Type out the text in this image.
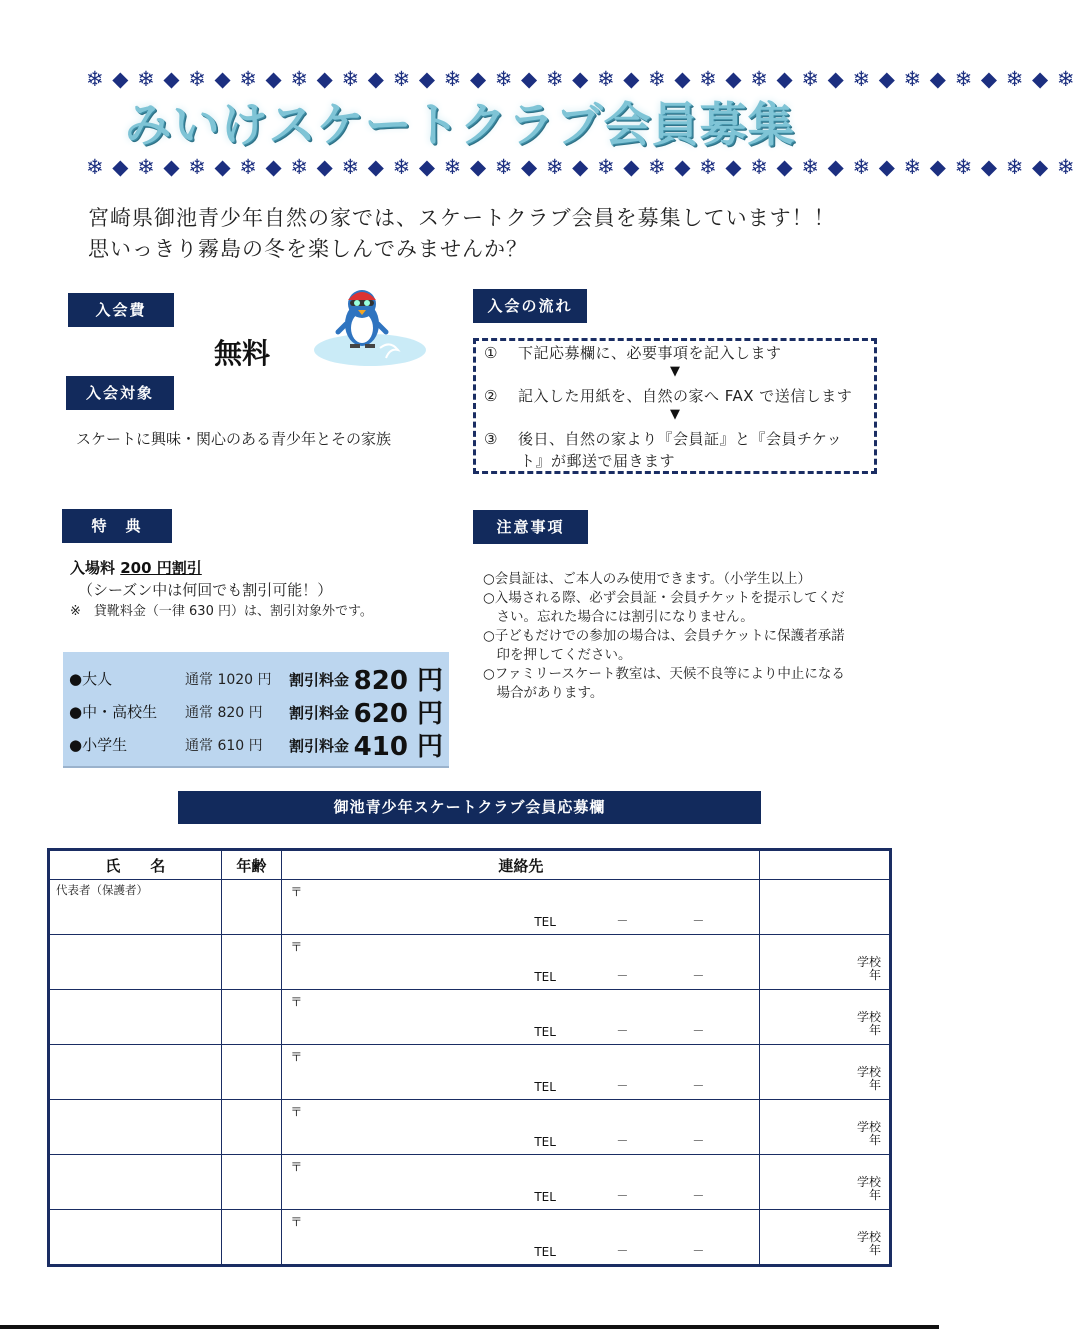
❄ ◆ ❄ ◆ ❄ ◆ ❄ ◆ ❄ ◆ ❄ ◆ ❄ ◆ ❄ ◆ ❄ ◆ ❄ ◆ ❄ ◆ ❄ ◆ ❄ ◆ ❄ ◆ ❄ ◆ ❄ ◆ ❄ ◆ ❄ ◆ ❄ ◆ ❄
みいけスケートクラブ会員募集
❄ ◆ ❄ ◆ ❄ ◆ ❄ ◆ ❄ ◆ ❄ ◆ ❄ ◆ ❄ ◆ ❄ ◆ ❄ ◆ ❄ ◆ ❄ ◆ ❄ ◆ ❄ ◆ ❄ ◆ ❄ ◆ ❄ ◆ ❄ ◆ ❄ ◆ ❄
宮崎県御池青少年自然の家では、スケートクラブ会員を募集しています！！
思いっきり霧島の冬を楽しんでみませんか？
入会費
無料
入会対象
スケートに興味・関心のある青少年とその家族
入会の流れ
① 下記応募欄に、必要事項を記入します
▼
② 記入した用紙を、自然の家へ FAX で送信します
▼
③ 後日、自然の家より『会員証』と『会員チケッ
ト』が郵送で届きます
特　典
入場料 200 円割引
（シーズン中は何回でも割引可能！）
※　貸靴料金（一律 630 円）は、割引対象外です。
●大人	通常 1020 円 割引料金 820 円
●中・高校生 通常 820 円 割引料金 620 円
●小学生	通常 610 円 割引料金 410 円
注意事項
○会員証は、ご本人のみ使用できます。（小学生以上）
○入場される際、必ず会員証・会員チケットを提示してくだ
　さい。忘れた場合には割引になりません。
○子どもだけでの参加の場合は、会員チケットに保護者承諾
　印を押してください。
○ファミリースケート教室は、天候不良等により中止になる
　場合があります。
御池青少年スケートクラブ会員応募欄
氏　　名	年齢	連絡先	

代表者（保護者）		〒
TEL － －	

		〒
TEL － －	学校
年

		〒
TEL － －	学校
年

		〒
TEL － －	学校
年

		〒
TEL － －	学校
年

		〒
TEL － －	学校
年

		〒
TEL － －	学校
年
